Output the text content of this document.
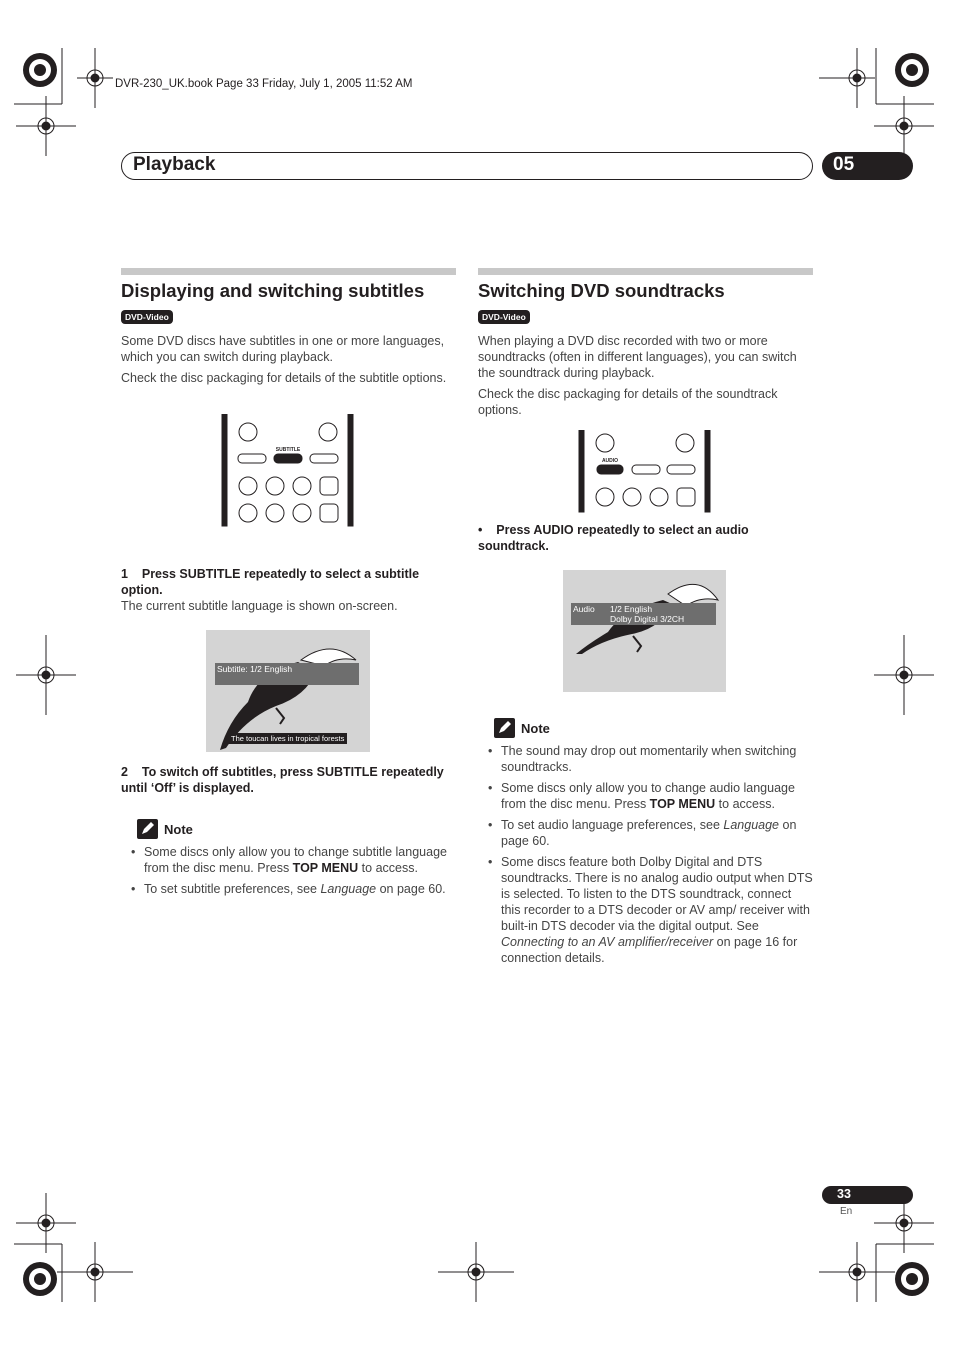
DVR-230_UK.book Page 33 Friday, July 1, 2005 11:52 AM
Playback	05
Displaying and switching subtitles
DVD-Video
Some DVD discs have subtitles in one or more languages, which you can switch during playback.
Check the disc packaging for details of the subtitle options.
SUBTITLE
1 Press SUBTITLE repeatedly to select a subtitle option.
The current subtitle language is shown on-screen.
Subtitle: 1/2 English
The toucan lives in tropical forests
2 To switch off subtitles, press SUBTITLE repeatedly until ‘Off’ is displayed.
Note
• Some discs only allow you to change subtitle language from the disc menu. Press TOP MENU to access.
• To set subtitle preferences, see Language on page 60.
Switching DVD soundtracks
DVD-Video
When playing a DVD disc recorded with two or more soundtracks (often in different languages), you can switch the soundtrack during playback.
Check the disc packaging for details of the soundtrack options.
AUDIO
• Press AUDIO repeatedly to select an audio soundtrack.
Audio 1/2 English
Dolby Digital 3/2CH
Note
• The sound may drop out momentarily when switching soundtracks.
• Some discs only allow you to change audio language from the disc menu. Press TOP MENU to access.
• To set audio language preferences, see Language on page 60.
• Some discs feature both Dolby Digital and DTS soundtracks. There is no analog audio output when DTS is selected. To listen to the DTS soundtrack, connect this recorder to a DTS decoder or AV amp/ receiver with built-in DTS decoder via the digital output. See Connecting to an AV amplifier/receiver on page 16 for connection details.
33
En
